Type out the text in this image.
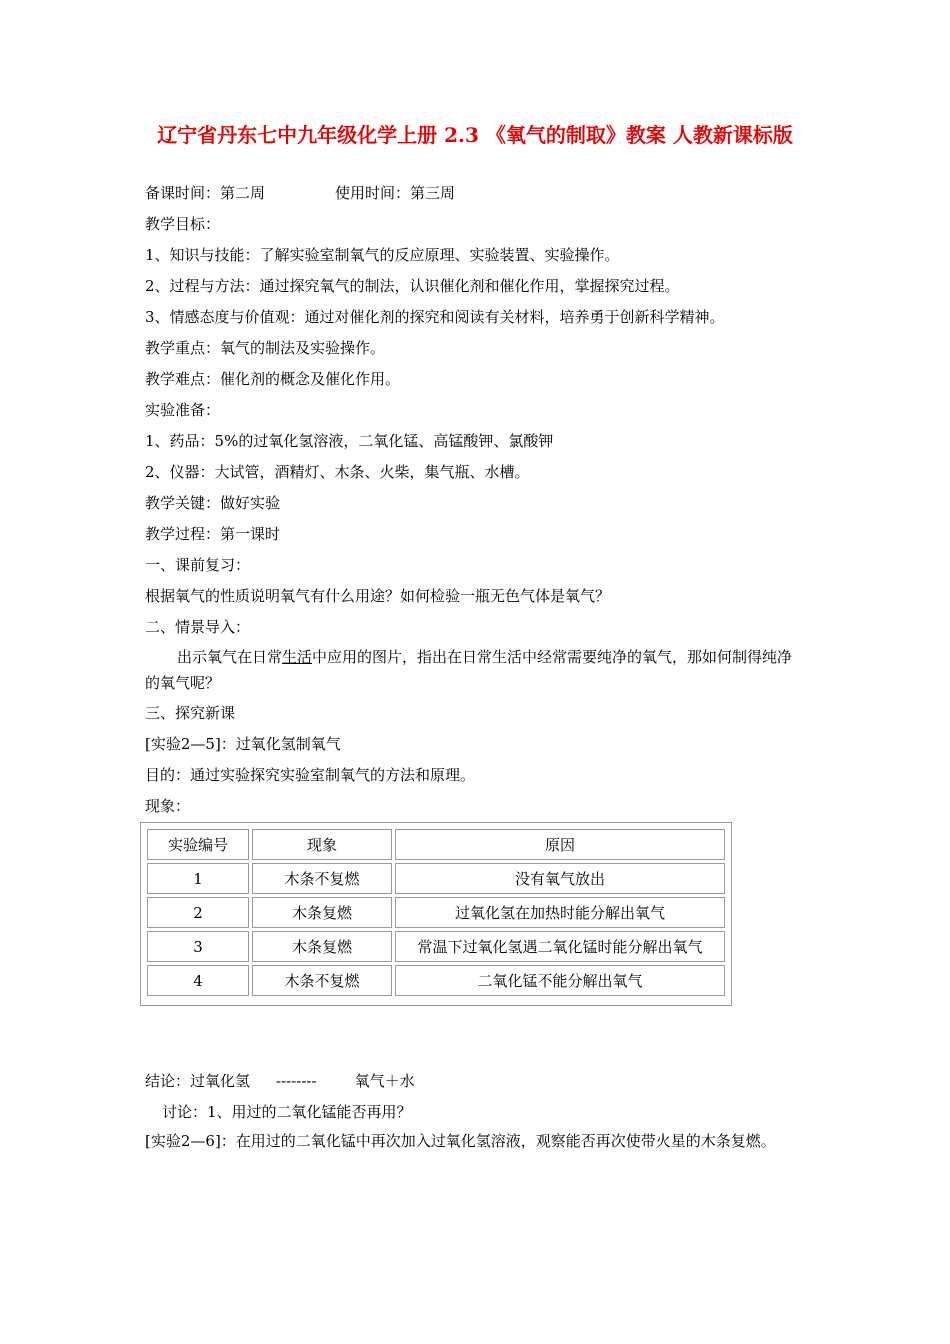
辽宁省丹东七中九年级化学上册 2.3 《氧气的制取》教案 人教新课标版
备课时间：第二周	使用时间：第三周
教学目标：
1、知识与技能：了解实验室制氧气的反应原理、实验装置、实验操作。
2、过程与方法：通过探究氧气的制法，认识催化剂和催化作用，掌握探究过程。
3、情感态度与价值观：通过对催化剂的探究和阅读有关材料，培养勇于创新科学精神。
教学重点：氧气的制法及实验操作。
教学难点：催化剂的概念及催化作用。
实验准备：
1、药品：5%的过氧化氢溶液，二氧化锰、高锰酸钾、氯酸钾
2、仪器：大试管，酒精灯、木条、火柴，集气瓶、水槽。
教学关键：做好实验
教学过程：第一课时
一、课前复习：
根据氧气的性质说明氧气有什么用途？如何检验一瓶无色气体是氧气？
二、情景导入：
出示氧气在日常生活中应用的图片，指出在日常生活中经常需要纯净的氧气，那如何制得纯净的氧气呢？
三、探究新课
[实验2—5]：过氧化氢制氧气
目的：通过实验探究实验室制氧气的方法和原理。
现象：
实验编号	现象	原因
1	木条不复燃	没有氧气放出
2	木条复燃	过氧化氢在加热时能分解出氧气
3	木条复燃	常温下过氧化氢遇二氧化锰时能分解出氧气
4	木条不复燃	二氧化锰不能分解出氧气
结论：过氧化氢 --------	氧气＋水
讨论：1、用过的二氧化锰能否再用？
[实验2—6]：在用过的二氧化锰中再次加入过氧化氢溶液，观察能否再次使带火星的木条复燃。
